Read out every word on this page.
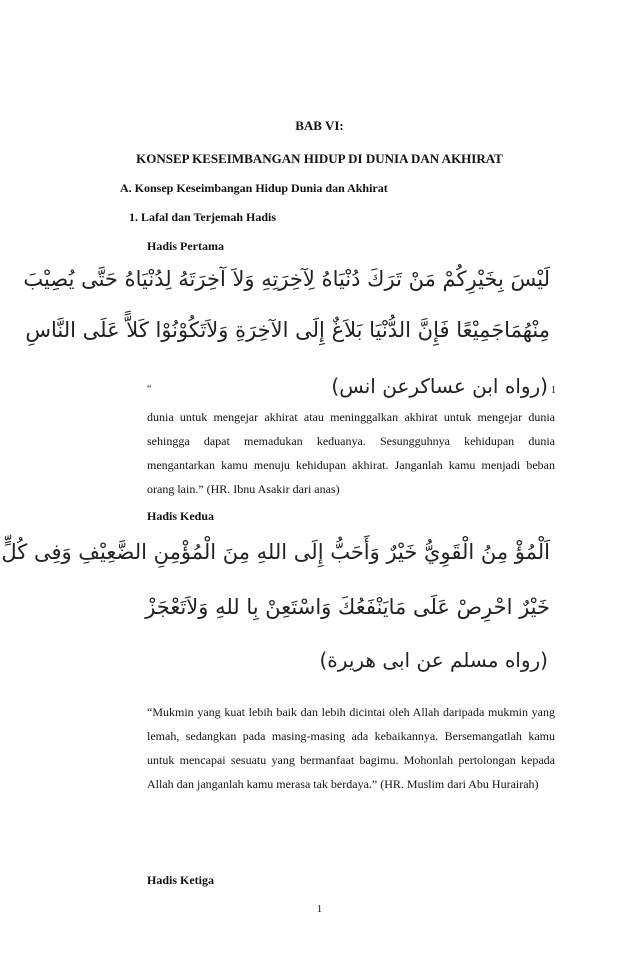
BAB VI:
KONSEP KESEIMBANGAN HIDUP DI DUNIA DAN AKHIRAT
A. Konsep Keseimbangan Hidup Dunia dan Akhirat
1. Lafal dan Terjemah Hadis
Hadis Pertama
لَيْسَ بِخَيْرِكُمْ مَنْ تَرَكَ دُنْيَاهُ لِآخِرَتِهِ وَلاَ آخِرَتَهُ لِدُنْيَاهُ حَتَّى يُصِيْبَ
مِنْهُمَاجَمِيْعًا فَإِنَّ الدُّنْيَا بَلاَغٌ إِلَى الآخِرَةِ وَلاَتَكُوْنُوْا كَلاًّ عَلَى النَّاسِ
“	(رواه ابن عساكرعن انس) 1
dunia untuk mengejar akhirat atau meninggalkan akhirat untuk mengejar dunia sehingga dapat memadukan keduanya. Sesungguhnya kehidupan dunia mengantarkan kamu menuju kehidupan akhirat. Janganlah kamu menjadi beban orang lain.” (HR. Ibnu Asakir dari anas)
Hadis Kedua
اَلْمُؤْ مِنُ الْقَوِيُّ خَيْرٌ وَأَحَبُّ إِلَى اللهِ مِنَ الْمُؤْمِنِ الضَّعِيْفِ وَفِى كُلٍّ
خَيْرٌ احْرِصْ عَلَى مَايَنْفَعُكَ وَاسْتَعِنْ بِا للهِ وَلاَتَعْجَزْ
(رواه مسلم عن ابى هريرة)
“Mukmin yang kuat lebih baik dan lebih dicintai oleh Allah daripada mukmin yang lemah, sedangkan pada masing-masing ada kebaikannya. Bersemangatlah kamu untuk mencapai sesuatu yang bermanfaat bagimu. Mohonlah pertolongan kepada Allah dan janganlah kamu merasa tak berdaya.” (HR. Muslim dari Abu Hurairah)
Hadis Ketiga
1
